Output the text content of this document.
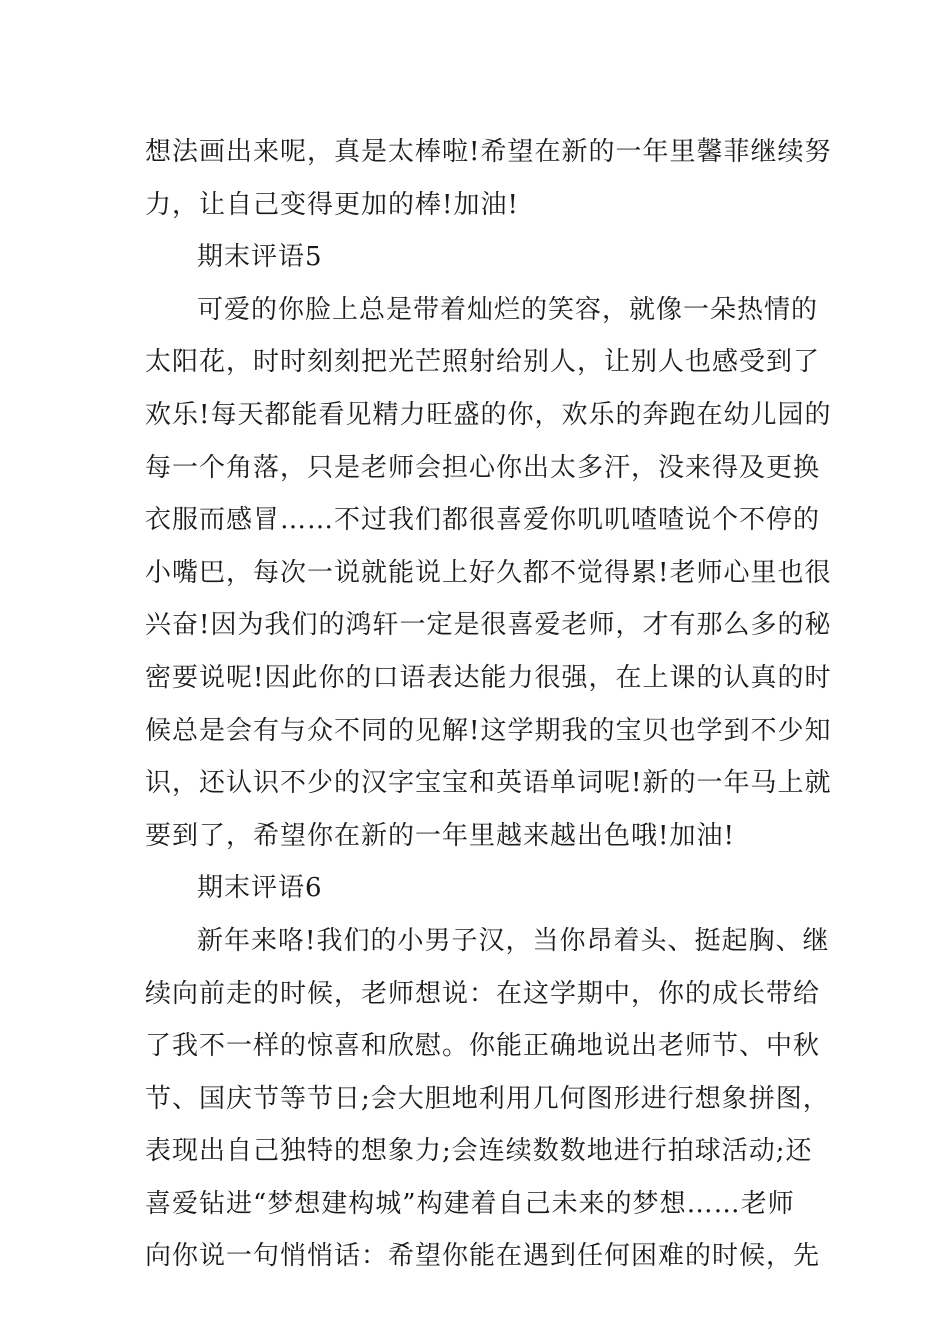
想法画出来呢，真是太棒啦!希望在新的一年里馨菲继续努
力，让自己变得更加的棒!加油!
期末评语5
可爱的你脸上总是带着灿烂的笑容，就像一朵热情的
太阳花，时时刻刻把光芒照射给别人，让别人也感受到了
欢乐!每天都能看见精力旺盛的你，欢乐的奔跑在幼儿园的
每一个角落，只是老师会担心你出太多汗，没来得及更换
衣服而感冒……不过我们都很喜爱你叽叽喳喳说个不停的
小嘴巴，每次一说就能说上好久都不觉得累!老师心里也很
兴奋!因为我们的鸿轩一定是很喜爱老师，才有那么多的秘
密要说呢!因此你的口语表达能力很强，在上课的认真的时
候总是会有与众不同的见解!这学期我的宝贝也学到不少知
识，还认识不少的汉字宝宝和英语单词呢!新的一年马上就
要到了，希望你在新的一年里越来越出色哦!加油!
期末评语6
新年来咯!我们的小男子汉，当你昂着头、挺起胸、继
续向前走的时候，老师想说：在这学期中，你的成长带给
了我不一样的惊喜和欣慰。你能正确地说出老师节、中秋
节、国庆节等节日;会大胆地利用几何图形进行想象拼图，
表现出自己独特的想象力;会连续数数地进行拍球活动;还
喜爱钻进“梦想建构城”构建着自己未来的梦想……老师
向你说一句悄悄话：希望你能在遇到任何困难的时候，先
